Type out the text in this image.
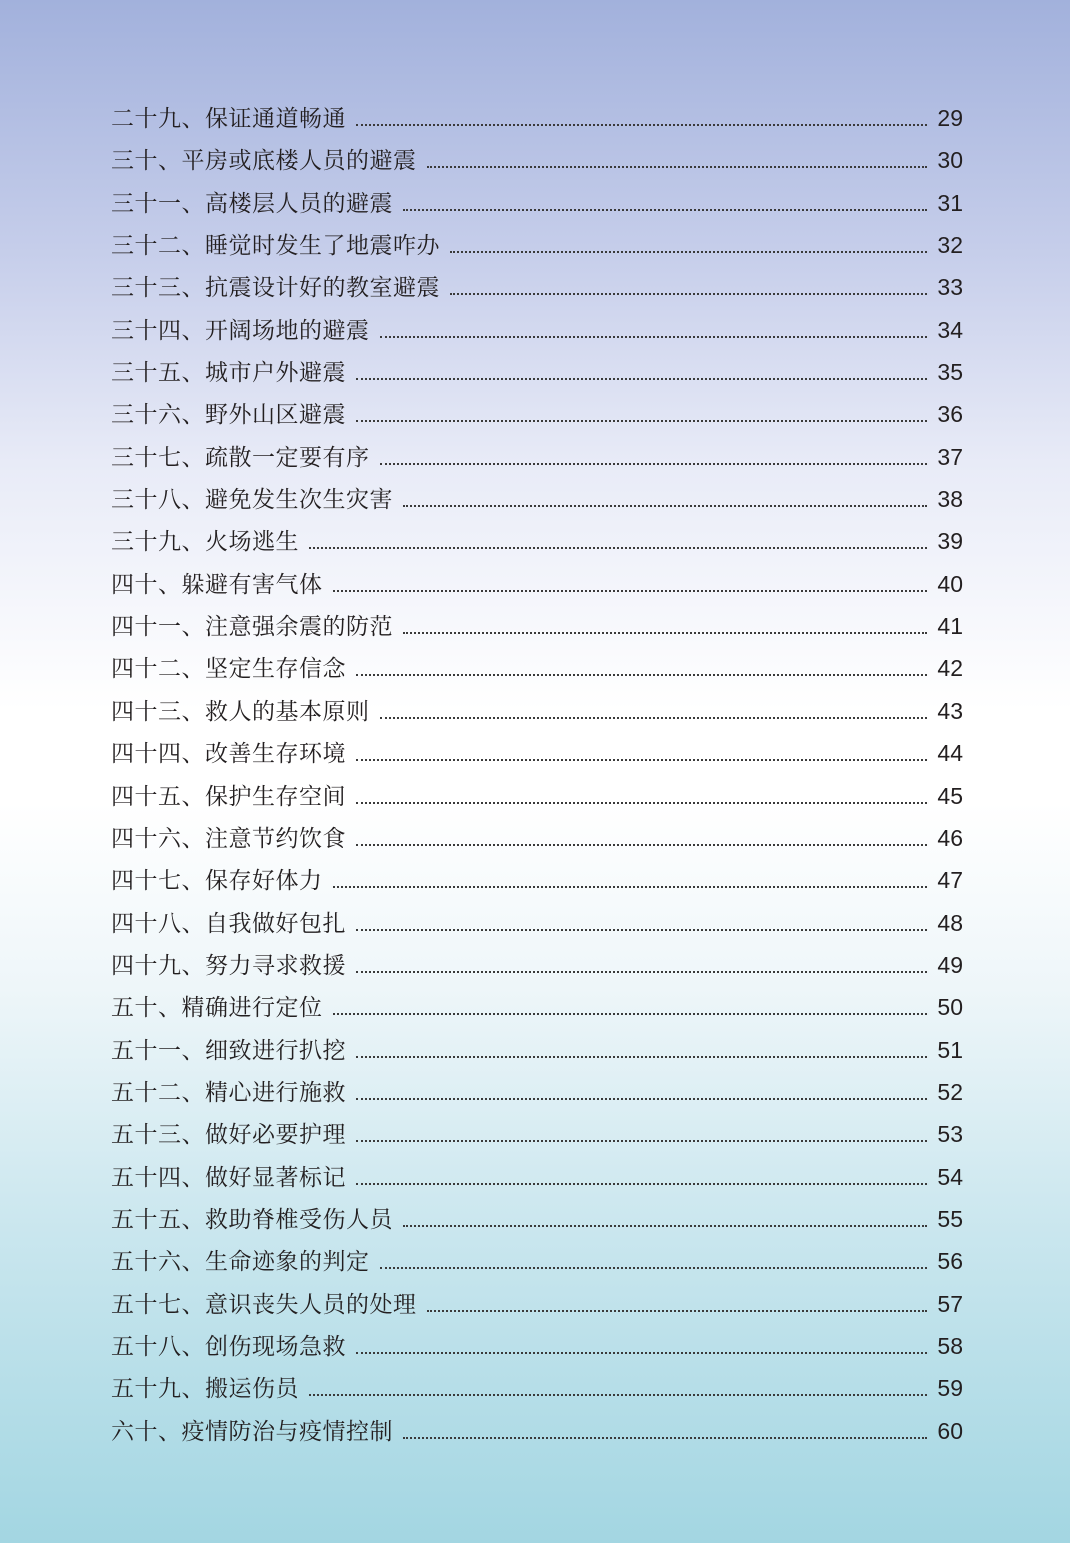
二十九、保证通道畅通	29
三十、平房或底楼人员的避震	30
三十一、高楼层人员的避震	31
三十二、睡觉时发生了地震咋办	32
三十三、抗震设计好的教室避震	33
三十四、开阔场地的避震	34
三十五、城市户外避震	35
三十六、野外山区避震	36
三十七、疏散一定要有序	37
三十八、避免发生次生灾害	38
三十九、火场逃生	39
四十、躲避有害气体	40
四十一、注意强余震的防范	41
四十二、坚定生存信念	42
四十三、救人的基本原则	43
四十四、改善生存环境	44
四十五、保护生存空间	45
四十六、注意节约饮食	46
四十七、保存好体力	47
四十八、自我做好包扎	48
四十九、努力寻求救援	49
五十、精确进行定位	50
五十一、细致进行扒挖	51
五十二、精心进行施救	52
五十三、做好必要护理	53
五十四、做好显著标记	54
五十五、救助脊椎受伤人员	55
五十六、生命迹象的判定	56
五十七、意识丧失人员的处理	57
五十八、创伤现场急救	58
五十九、搬运伤员	59
六十、疫情防治与疫情控制	60
